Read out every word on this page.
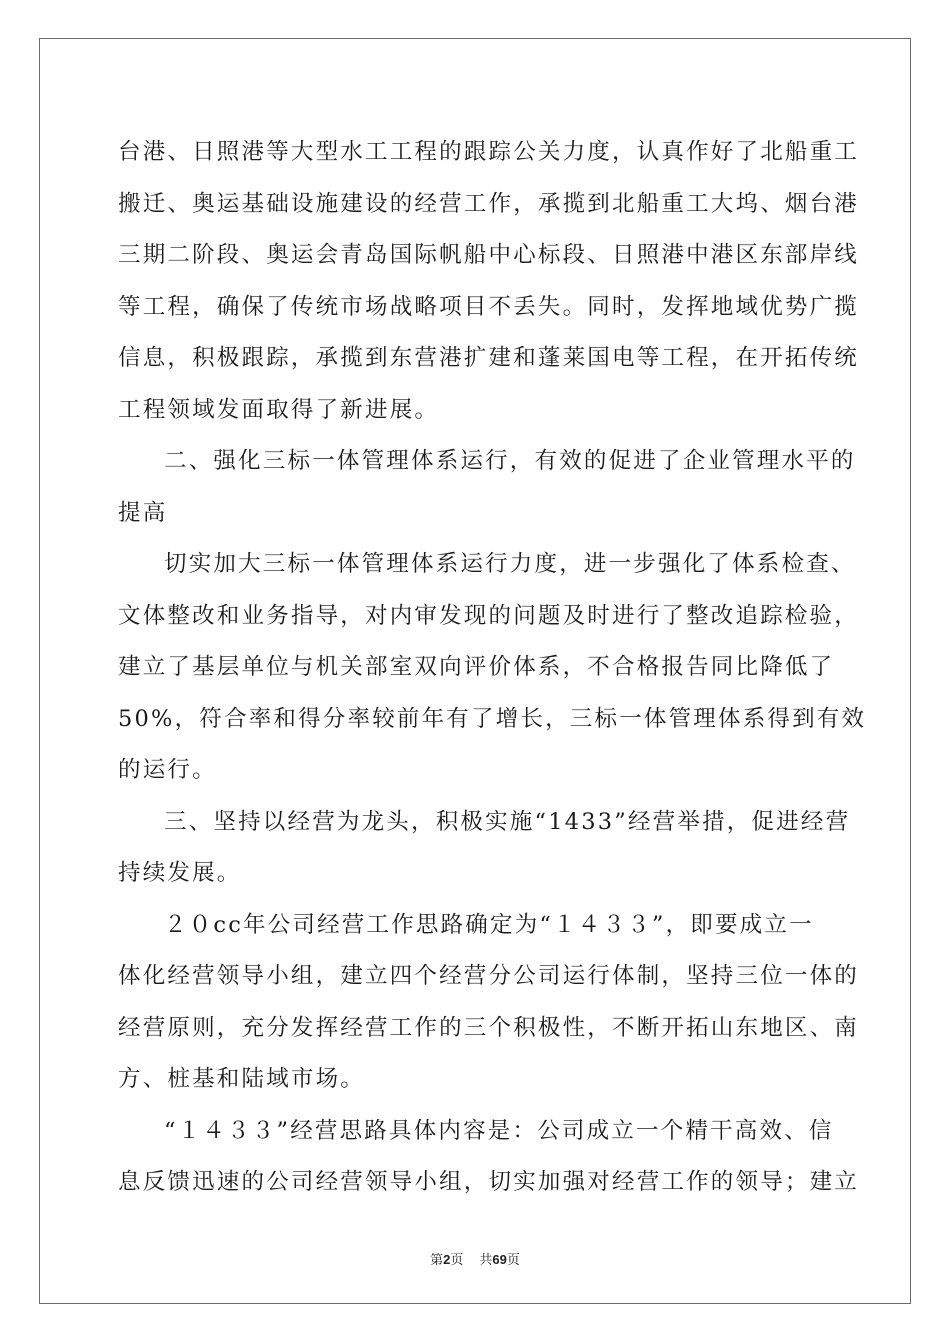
台港、日照港等大型水工工程的跟踪公关力度，认真作好了北船重工
搬迁、奥运基础设施建设的经营工作，承揽到北船重工大坞、烟台港
三期二阶段、奥运会青岛国际帆船中心标段、日照港中港区东部岸线
等工程，确保了传统市场战略项目不丢失。同时，发挥地域优势广揽
信息，积极跟踪，承揽到东营港扩建和蓬莱国电等工程，在开拓传统
工程领域发面取得了新进展。
二、强化三标一体管理体系运行，有效的促进了企业管理水平的
提高
切实加大三标一体管理体系运行力度，进一步强化了体系检查、
文体整改和业务指导，对内审发现的问题及时进行了整改追踪检验，
建立了基层单位与机关部室双向评价体系，不合格报告同比降低了
50%，符合率和得分率较前年有了增长，三标一体管理体系得到有效
的运行。
三、坚持以经营为龙头，积极实施“1433”经营举措，促进经营
持续发展。
２０cc年公司经营工作思路确定为“１４３３”，即要成立一
体化经营领导小组，建立四个经营分公司运行体制，坚持三位一体的
经营原则，充分发挥经营工作的三个积极性，不断开拓山东地区、南
方、桩基和陆域市场。
“１４３３”经营思路具体内容是：公司成立一个精干高效、信
息反馈迅速的公司经营领导小组，切实加强对经营工作的领导；建立
第2页 共69页
